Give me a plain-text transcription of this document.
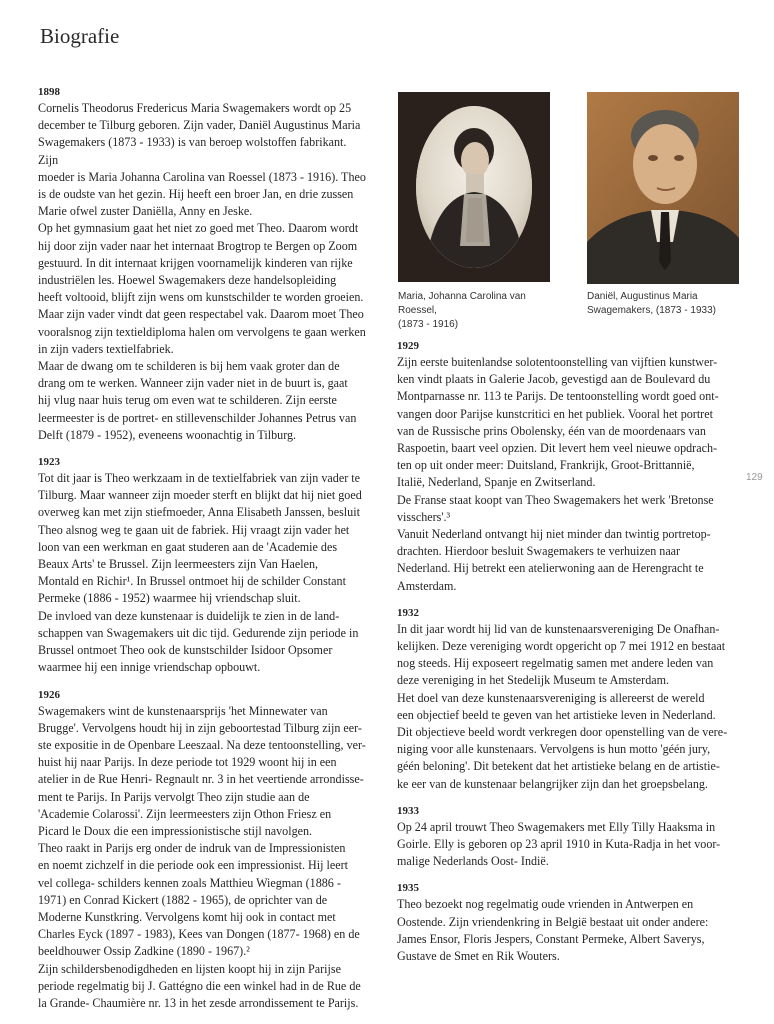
Biografie

1898

Cornelis Theodorus Fredericus Maria Swagemakers wordt op 25
december te Tilburg geboren. Zijn vader, Daniël Augustinus Maria
Swagemakers (1873 - 1933) is van beroep wolstoffen fabrikant. Zijn
moeder is Maria Johanna Carolina van Roessel (1873 - 1916). Theo
is de oudste van het gezin. Hij heeft een broer Jan, en drie zussen
Marie ofwel zuster Daniëlla, Anny en Jeske.
Op het gymnasium gaat het niet zo goed met Theo. Daarom wordt
hij door zijn vader naar het internaat Brogtrop te Bergen op Zoom
gestuurd. In dit internaat krijgen voornamelijk kinderen van rijke
industriëlen les. Hoewel Swagemakers deze handelsopleiding
heeft voltooid, blijft zijn wens om kunstschilder te worden groeien.
Maar zijn vader vindt dat geen respectabel vak. Daarom moet Theo
vooralsnog zijn textieldiploma halen om vervolgens te gaan werken
in zijn vaders textielfabriek.
Maar de dwang om te schilderen is bij hem vaak groter dan de
drang om te werken. Wanneer zijn vader niet in de buurt is, gaat
hij vlug naar huis terug om even wat te schilderen. Zijn eerste
leermeester is de portret- en stillevenschilder Johannes Petrus van
Delft (1879 - 1952), eveneens woonachtig in Tilburg.

1923

Tot dit jaar is Theo werkzaam in de textielfabriek van zijn vader te
Tilburg. Maar wanneer zijn moeder sterft en blijkt dat hij niet goed
overweg kan met zijn stiefmoeder, Anna Elisabeth Janssen, besluit
Theo alsnog weg te gaan uit de fabriek. Hij vraagt zijn vader het
loon van een werkman en gaat studeren aan de 'Academie des
Beaux Arts' te Brussel. Zijn leermeesters zijn Van Haelen,
Montald en Richir¹. In Brussel ontmoet hij de schilder Constant
Permeke (1886 - 1952) waarmee hij vriendschap sluit.
De invloed van deze kunstenaar is duidelijk te zien in de land-
schappen van Swagemakers uit dic tijd. Gedurende zijn periode in
Brussel ontmoet Theo ook de kunstschilder Isidoor Opsomer
waarmee hij een innige vriendschap opbouwt.

1926

Swagemakers wint de kunstenaarsprijs 'het Minnewater van
Brugge'. Vervolgens houdt hij in zijn geboortestad Tilburg zijn eer-
ste expositie in de Openbare Leeszaal. Na deze tentoonstelling, ver-
huist hij naar Parijs. In deze periode tot 1929 woont hij in een
atelier in de Rue Henri- Regnault nr. 3 in het veertiende arrondisse-
ment te Parijs. In Parijs vervolgt Theo zijn studie aan de
'Academie Colarossi'. Zijn leermeesters zijn Othon Friesz en
Picard le Doux die een impressionistische stijl navolgen.
Theo raakt in Parijs erg onder de indruk van de Impressionisten
en noemt zichzelf in die periode ook een impressionist. Hij leert
vel collega- schilders kennen zoals Matthieu Wiegman (1886 -
1971) en Conrad Kickert (1882 - 1965), de oprichter van de
Moderne Kunstkring. Vervolgens komt hij ook in contact met
Charles Eyck (1897 - 1983), Kees van Dongen (1877- 1968) en de
beeldhouwer Ossip Zadkine (1890 - 1967).²
Zijn schildersbenodigdheden en lijsten koopt hij in zijn Parijse
periode regelmatig bij J. Gattégno die een winkel had in de Rue de
la Grande- Chaumière nr. 13 in het zesde arrondissement te Parijs.

Maria, Johanna Carolina van Roessel,
(1873 - 1916)
Daniël, Augustinus Maria
Swagemakers, (1873 - 1933)

1929

Zijn eerste buitenlandse solotentoonstelling van vijftien kunstwer-
ken vindt plaats in Galerie Jacob, gevestigd aan de Boulevard du
Montparnasse nr. 113 te Parijs. De tentoonstelling wordt goed ont-
vangen door Parijse kunstcritici en het publiek. Vooral het portret
van de Russische prins Obolensky, één van de moordenaars van
Raspoetin, baart veel opzien. Dit levert hem veel nieuwe opdrach-
ten op uit onder meer: Duitsland, Frankrijk, Groot-Brittannië,
Italië, Nederland, Spanje en Zwitserland.
De Franse staat koopt van Theo Swagemakers het werk 'Bretonse
visschers'.³
Vanuit Nederland ontvangt hij niet minder dan twintig portretop-
drachten. Hierdoor besluit Swagemakers te verhuizen naar
Nederland. Hij betrekt een atelierwoning aan de Herengracht te
Amsterdam.

1932

In dit jaar wordt hij lid van de kunstenaarsvereniging De Onafhan-
kelijken. Deze vereniging wordt opgericht op 7 mei 1912 en bestaat
nog steeds. Hij exposeert regelmatig samen met andere leden van
deze vereniging in het Stedelijk Museum te Amsterdam.
Het doel van deze kunstenaarsvereniging is allereerst de wereld
een objectief beeld te geven van het artistieke leven in Nederland.
Dit objectieve beeld wordt verkregen door openstelling van de vere-
niging voor alle kunstenaars. Vervolgens is hun motto 'géén jury,
géén beloning'. Dit betekent dat het artistieke belang en de artistie-
ke eer van de kunstenaar belangrijker zijn dan het groepsbelang.

1933

Op 24 april trouwt Theo Swagemakers met Elly Tilly Haaksma in
Goirle. Elly is geboren op 23 april 1910 in Kuta-Radja in het voor-
malige Nederlands Oost- Indië.

1935

Theo bezoekt nog regelmatig oude vrienden in Antwerpen en
Oostende. Zijn vriendenkring in België bestaat uit onder andere:
James Ensor, Floris Jespers, Constant Permeke, Albert Saverys,
Gustave de Smet en Rik Wouters.

129
